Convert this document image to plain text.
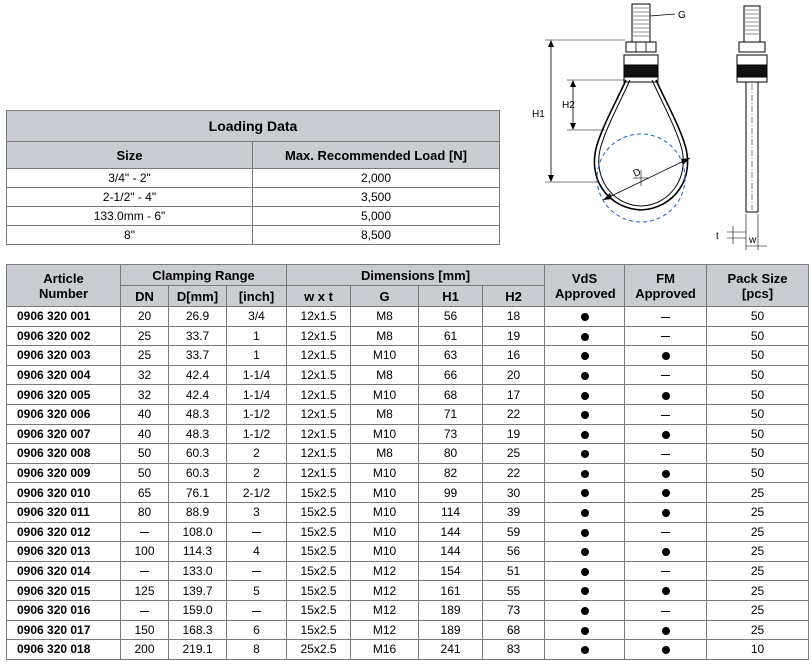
G
H1
H2
D
t	w
Loading Data	
Size	Max. Recommended Load [N]
3/4" - 2"	2,000
2-1/2" - 4"	3,500
133.0mm - 6"	5,000
8"	8,500
Article Number	Clamping Range			Dimensions [mm]				VdS Approved	FM Approved	Pack Size [pcs]
	DN	D[mm]	[inch]	w x t	G	H1	H2			
0906 320 001	20	26.9	3/4	12x1.5	M8	56	18			50
0906 320 002	25	33.7	1	12x1.5	M8	61	19			50
0906 320 003	25	33.7	1	12x1.5	M10	63	16			50
0906 320 004	32	42.4	1-1/4	12x1.5	M8	66	20			50
0906 320 005	32	42.4	1-1/4	12x1.5	M10	68	17			50
0906 320 006	40	48.3	1-1/2	12x1.5	M8	71	22			50
0906 320 007	40	48.3	1-1/2	12x1.5	M10	73	19			50
0906 320 008	50	60.3	2	12x1.5	M8	80	25			50
0906 320 009	50	60.3	2	12x1.5	M10	82	22			50
0906 320 010	65	76.1	2-1/2	15x2.5	M10	99	30			25
0906 320 011	80	88.9	3	15x2.5	M10	114	39			25
0906 320 012		108.0		15x2.5	M10	144	59			25
0906 320 013	100	114.3	4	15x2.5	M10	144	56			25
0906 320 014		133.0		15x2.5	M12	154	51			25
0906 320 015	125	139.7	5	15x2.5	M12	161	55			25
0906 320 016		159.0		15x2.5	M12	189	73			25
0906 320 017	150	168.3	6	15x2.5	M12	189	68			25
0906 320 018	200	219.1	8	25x2.5	M16	241	83			10
